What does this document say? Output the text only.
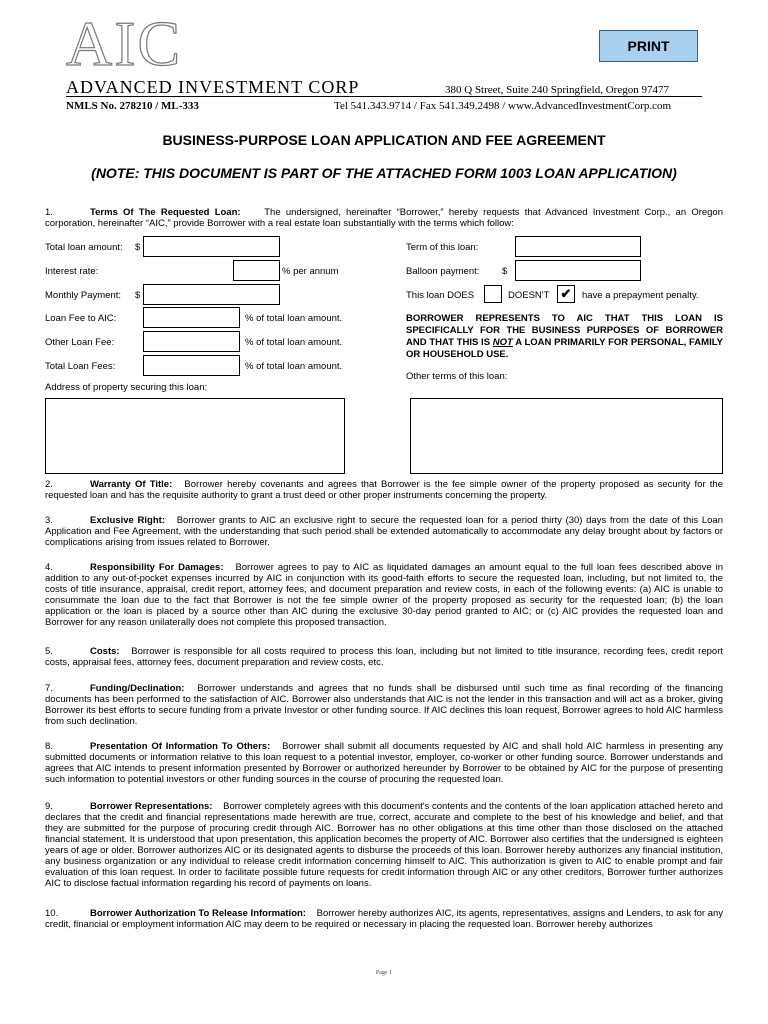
AIC
ADVANCED INVESTMENT CORP	380 Q Street, Suite 240 Springfield, Oregon 97477
NMLS No. 278210 / ML-333	Tel 541.343.9714 / Fax 541.349.2498 / www.AdvancedInvestmentCorp.com
PRINT
BUSINESS-PURPOSE LOAN APPLICATION AND FEE AGREEMENT
(NOTE: THIS DOCUMENT IS PART OF THE ATTACHED FORM 1003 LOAN APPLICATION)
1.	Terms Of The Requested Loan: The undersigned, hereinafter “Borrower,” hereby requests that Advanced Investment Corp., an Oregon corporation, hereinafter “AIC,” provide Borrower with a real estate loan substantially with the terms which follow:
Total loan amount: $
Interest rate:	% per annum
Monthly Payment: $
Loan Fee to AIC:	% of total loan amount.
Other Loan Fee:	% of total loan amount.
Total Loan Fees:	% of total loan amount.
Address of property securing this loan:
Term of this loan:
Balloon payment: $
This loan DOES	DOESN'T ✔ have a prepayment penalty.
BORROWER REPRESENTS TO AIC THAT THIS LOAN IS SPECIFICALLY FOR THE BUSINESS PURPOSES OF BORROWER AND THAT THIS IS NOT A LOAN PRIMARILY FOR PERSONAL, FAMILY OR HOUSEHOLD USE.
Other terms of this loan:
2.	Warranty Of Title: Borrower hereby covenants and agrees that Borrower is the fee simple owner of the property proposed as security for the requested loan and has the requisite authority to grant a trust deed or other proper instruments concerning the property.
3.	Exclusive Right: Borrower grants to AIC an exclusive right to secure the requested loan for a period thirty (30) days from the date of this Loan Application and Fee Agreement, with the understanding that such period shall be extended automatically to accommodate any delay brought about by factors or complications arising from issues related to Borrower.
4.	Responsibility For Damages: Borrower agrees to pay to AIC as liquidated damages an amount equal to the full loan fees described above in addition to any out-of-pocket expenses incurred by AIC in conjunction with its good-faith efforts to secure the requested loan, including, but not limited to, the costs of title insurance, appraisal, credit report, attorney fees, and document preparation and review costs, in each of the following events: (a) AIC is unable to consummate the loan due to the fact that Borrower is not the fee simple owner of the property proposed as security for the requested loan; (b) the loan application or the loan is placed by a source other than AIC during the exclusive 30-day period granted to AIC; or (c) AIC provides the requested loan and Borrower for any reason unilaterally does not complete this proposed transaction.
5.	Costs: Borrower is responsible for all costs required to process this loan, including but not limited to title insurance, recording fees, credit report costs, appraisal fees, attorney fees, document preparation and review costs, etc.
7.	Funding/Declination: Borrower understands and agrees that no funds shall be disbursed until such time as final recording of the financing documents has been performed to the satisfaction of AIC. Borrower also understands that AIC is not the lender in this transaction and will act as a broker, giving Borrower its best efforts to secure funding from a private Investor or other funding source. If AIC declines this loan request, Borrower agrees to hold AIC harmless from such declination.
8.	Presentation Of Information To Others: Borrower shall submit all documents requested by AIC and shall hold AIC harmless in presenting any submitted documents or information relative to this loan request to a potential investor, employer, co-worker or other funding source. Borrower understands and agrees that AIC intends to present information presented by Borrower or authorized hereunder by Borrower to be obtained by AIC for the purpose of presenting such information to potential investors or other funding sources in the course of procuring the requested loan.
9.	Borrower Representations: Borrower completely agrees with this document's contents and the contents of the loan application attached hereto and declares that the credit and financial representations made herewith are true, correct, accurate and complete to the best of his knowledge and belief, and that they are submitted for the purpose of procuring credit through AIC. Borrower has no other obligations at this time other than those disclosed on the attached financial statement. It is understood that upon presentation, this application becomes the property of AIC. Borrower also certifies that the undersigned is eighteen years of age or older. Borrower authorizes AIC or its designated agents to disburse the proceeds of this loan. Borrower hereby authorizes any financial institution, any business organization or any individual to release credit information concerning himself to AIC. This authorization is given to AIC to enable prompt and fair evaluation of this loan request. In order to facilitate possible future requests for credit information through AIC or any other creditors, Borrower further authorizes AIC to disclose factual information regarding his record of payments on loans.
10.	Borrower Authorization To Release Information: Borrower hereby authorizes AIC, its agents, representatives, assigns and Lenders, to ask for any credit, financial or employment information AIC may deem to be required or necessary in placing the requested loan. Borrower hereby authorizes
Page 1
